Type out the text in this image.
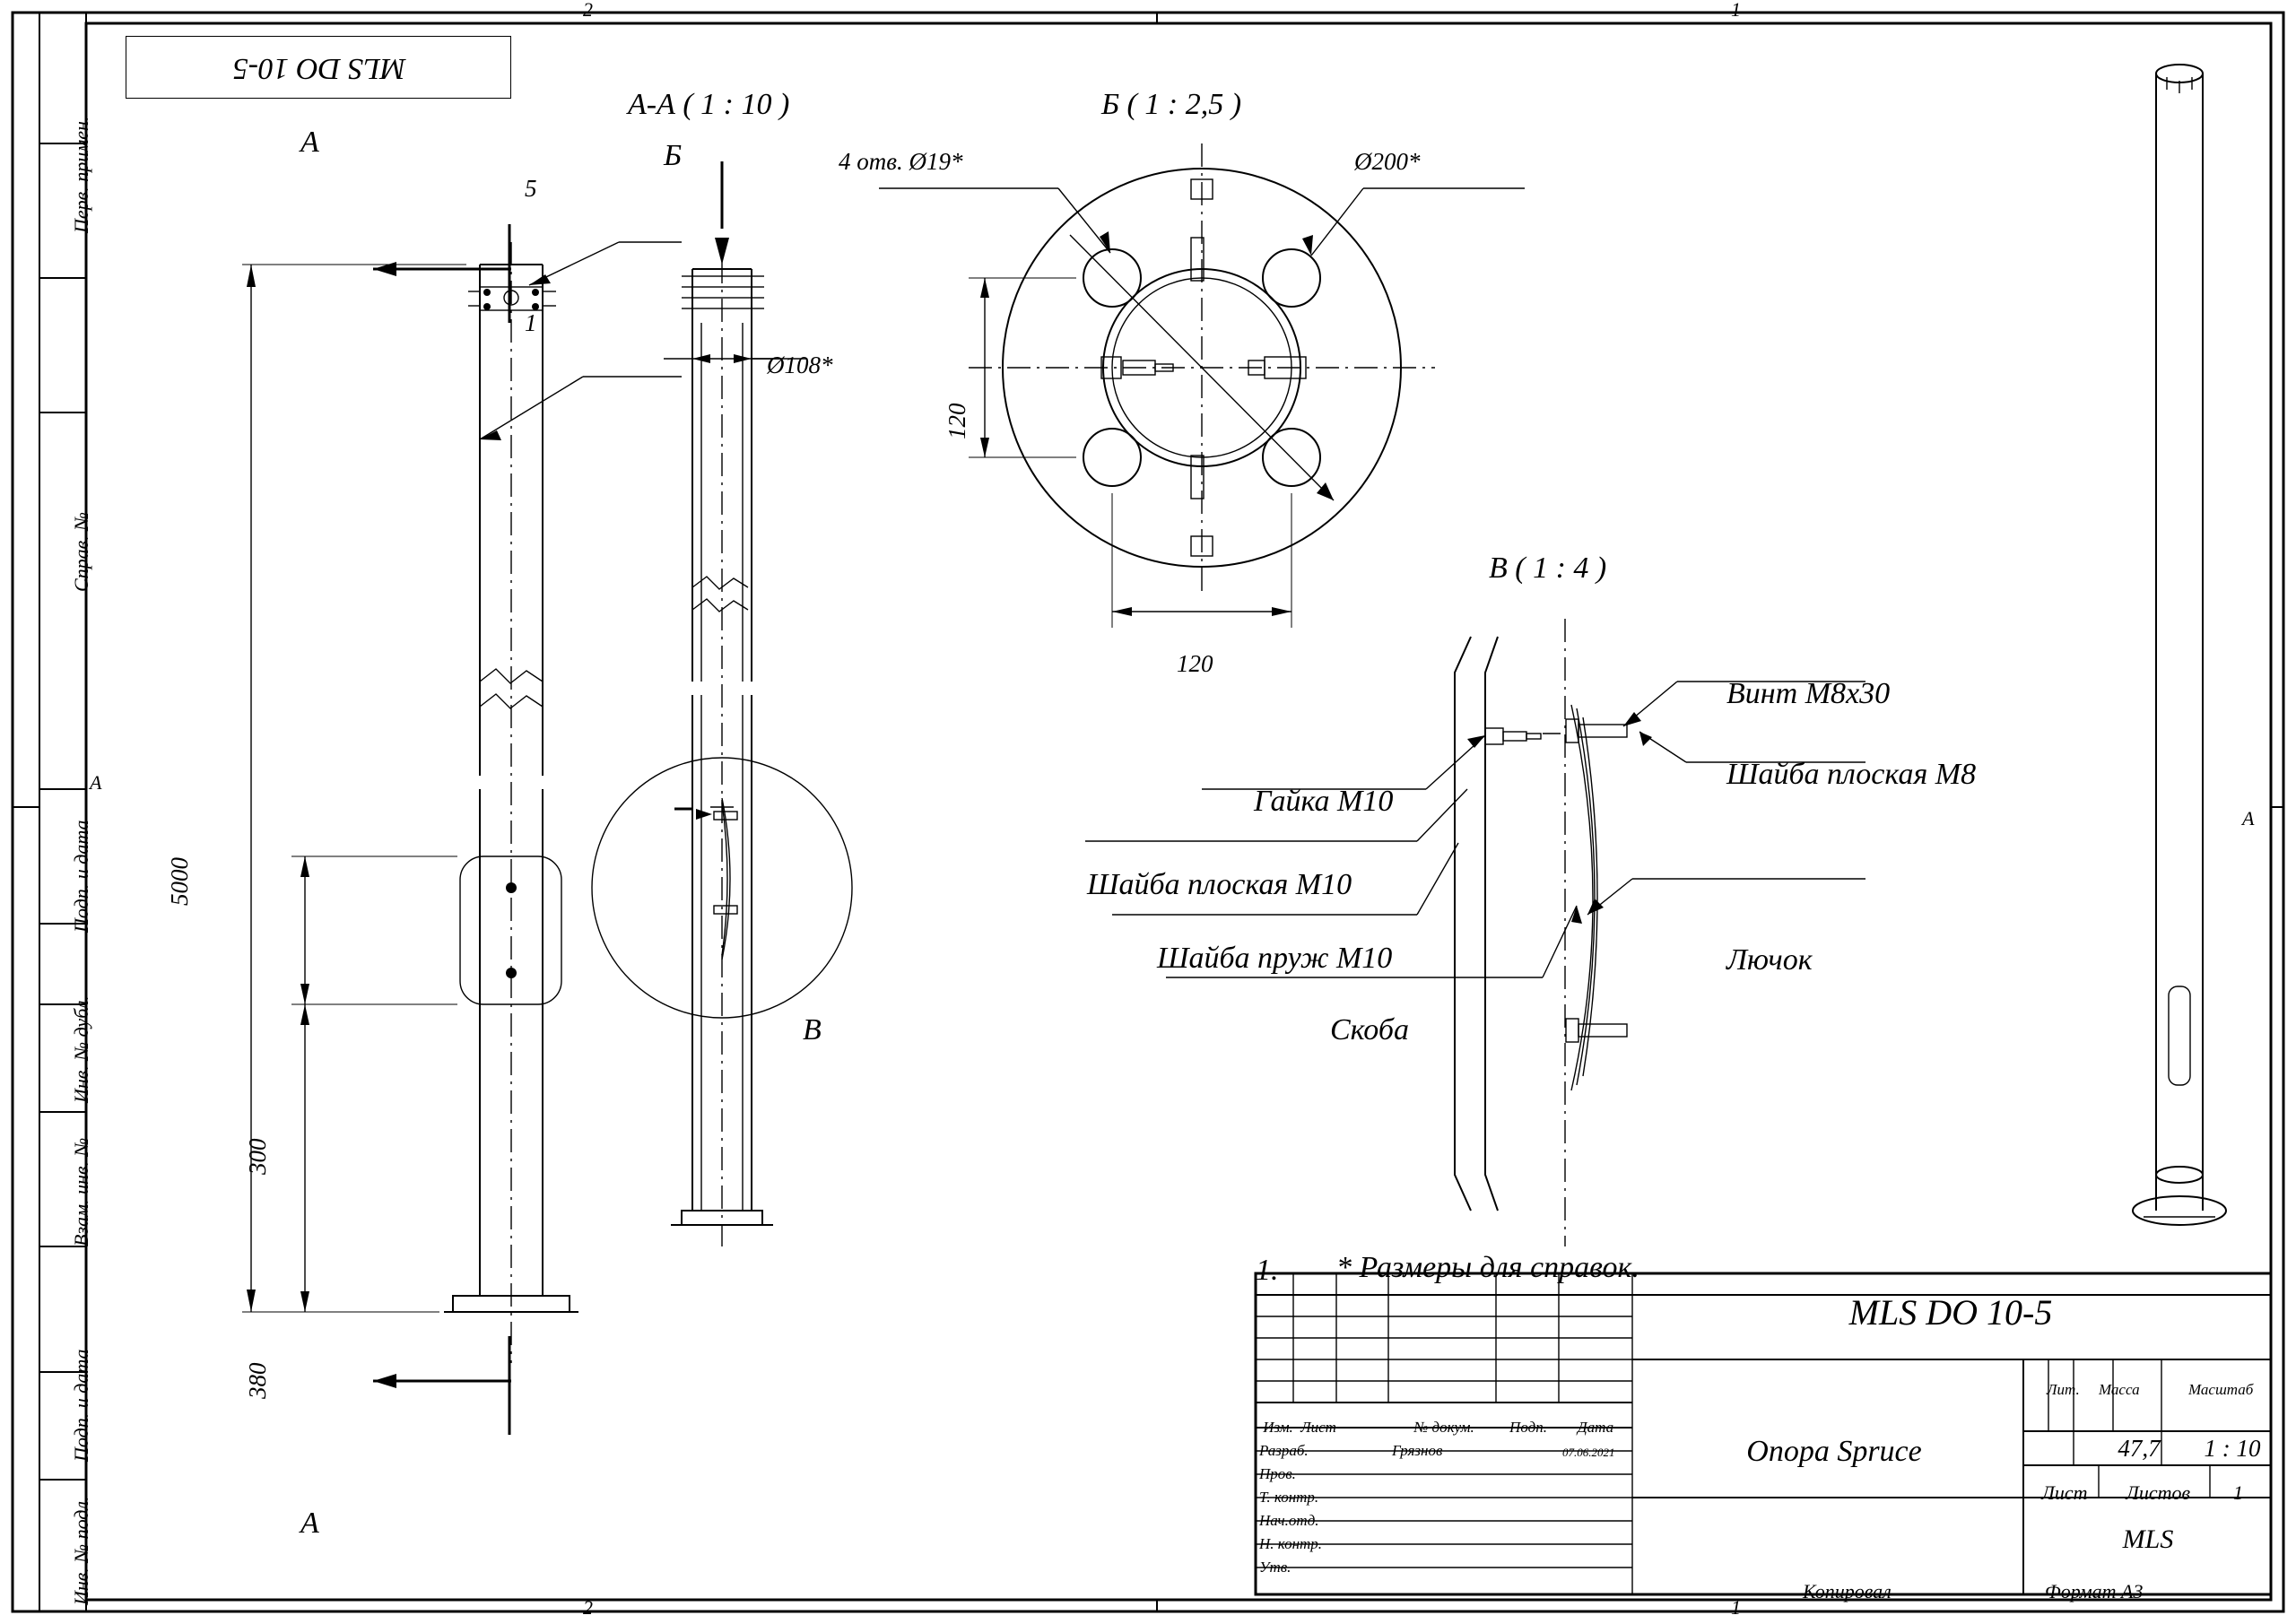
2	1
2	1
A
A
Перв. примен.
Справ. №
Подп. и дата
Инв. № дубл.
Взам. инв. №
Подп. и дата
Инв. № подл.
MLS DO 10-5
А
А
5
1
5000
300
380
А-А ( 1 : 10 )
Б
Ø108*
В
Б ( 1 : 2,5 )
4 отв. Ø19*	Ø200*
120
120
В ( 1 : 4 )
Винт М8х30
Шайба плоская М8
Гайка М10
Шайба плоская М10
Шайба пруж М10	Лючок
Скоба
1. * Размеры для справок.
Изм. Лист	№ докум.	Подп.	Дата
Разраб.	Грязнов	07.06.2021
Пров.
Т. контр.
Нач.отд.
Н. контр.
Утв.
MLS DO 10-5
Опора Spruce
MLS
Лит. Масса	Масштаб
47,7	1 : 10
Лист Листов 1
Копировал	Формат A3
